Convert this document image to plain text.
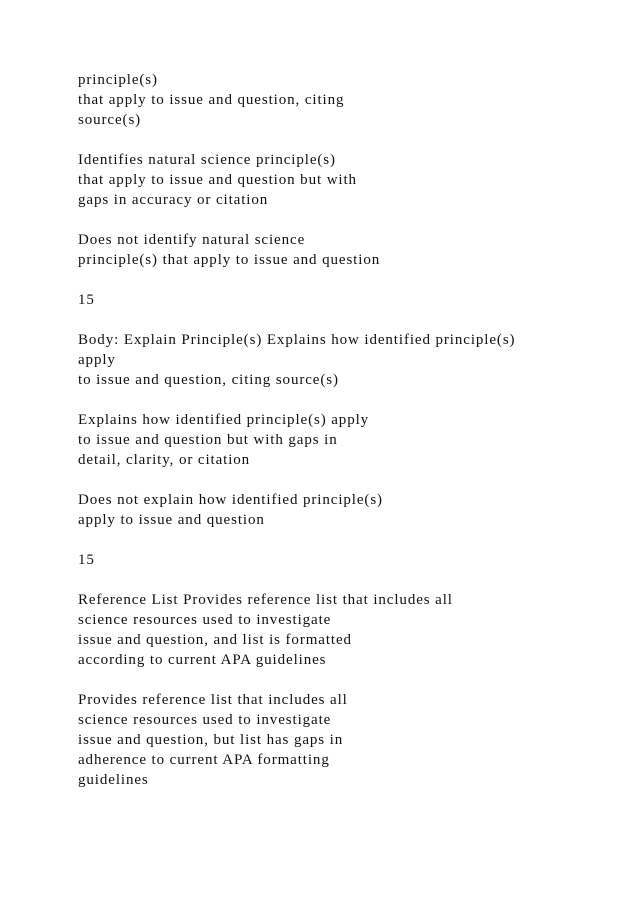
principle(s)
that apply to issue and question, citing
source(s)
Identifies natural science principle(s)
that apply to issue and question but with
gaps in accuracy or citation
Does not identify natural science
principle(s) that apply to issue and question
15
Body: Explain Principle(s) Explains how identified principle(s)
apply
to issue and question, citing source(s)
Explains how identified principle(s) apply
to issue and question but with gaps in
detail, clarity, or citation
Does not explain how identified principle(s)
apply to issue and question
15
Reference List Provides reference list that includes all
science resources used to investigate
issue and question, and list is formatted
according to current APA guidelines
Provides reference list that includes all
science resources used to investigate
issue and question, but list has gaps in
adherence to current APA formatting
guidelines
